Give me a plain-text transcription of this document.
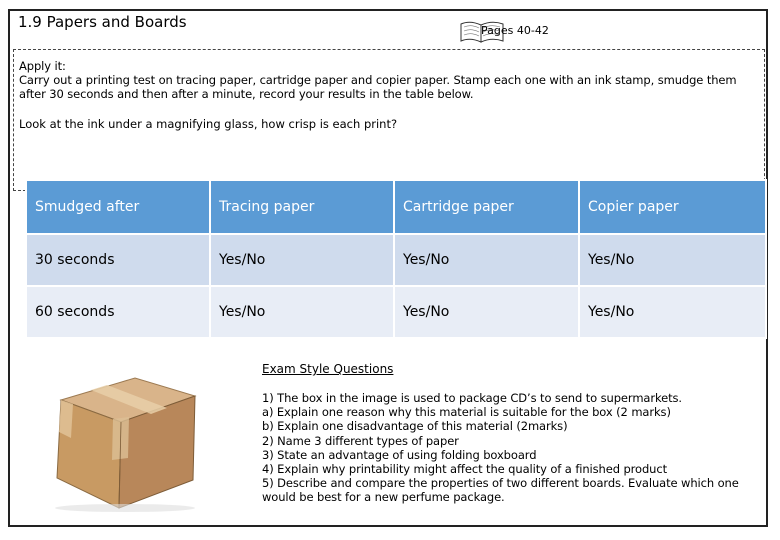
1.9 Papers and Boards	Pages 40-42

Apply it:

Carry out a printing test on tracing paper, cartridge paper and copier paper. Stamp each one with an ink stamp, smudge them after 30 seconds and then after a minute, record your results in the table below.

Look at the ink under a magnifying glass, how crisp is each print?
Smudged after	Tracing paper	Cartridge paper	Copier paper
30 seconds	Yes/No	Yes/No	Yes/No
60 seconds	Yes/No	Yes/No	Yes/No
Exam Style Questions
1) The box in the image is used to package CD’s to send to supermarkets.
a) Explain one reason why this material is suitable for the box (2 marks)
b) Explain one disadvantage of this material (2marks)
2) Name 3 different types of paper
3) State an advantage of using folding boxboard
4) Explain why printability might affect the quality of a finished product
5) Describe and compare the properties of two different boards. Evaluate which one would be best for a new perfume package.
